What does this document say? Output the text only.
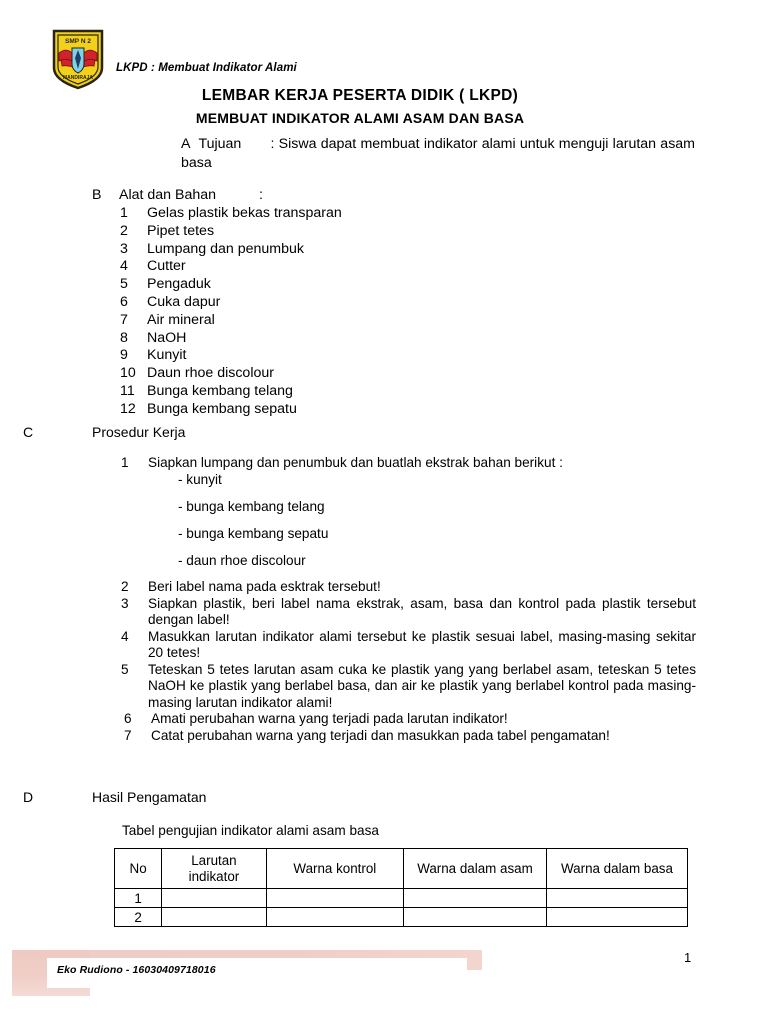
SMP N 2
MANDIRAJA
LKPD : Membuat Indikator Alami
LEMBAR KERJA PESERTA DIDIK ( LKPD)
MEMBUAT INDIKATOR ALAMI ASAM DAN BASA
A Tujuan : Siswa dapat membuat indikator alami untuk menguji larutan asam basa
B Alat dan Bahan	:
1 Gelas plastik bekas transparan
2 Pipet tetes
3 Lumpang dan penumbuk
4 Cutter
5 Pengaduk
6 Cuka dapur
7 Air mineral
8 NaOH
9 Kunyit
10 Daun rhoe discolour
11 Bunga kembang telang
12 Bunga kembang sepatu
C	Prosedur Kerja
1	Siapkan lumpang dan penumbuk dan buatlah ekstrak bahan berikut :
- kunyit
- bunga kembang telang
- bunga kembang sepatu
- daun rhoe discolour
2	Beri label nama pada esktrak tersebut!
3	Siapkan plastik, beri label nama ekstrak, asam, basa dan kontrol pada plastik tersebut dengan label!
4	Masukkan larutan indikator alami tersebut ke plastik sesuai label, masing-masing sekitar 20 tetes!
5	Teteskan 5 tetes larutan asam cuka ke plastik yang yang berlabel asam, teteskan 5 tetes NaOH ke plastik yang berlabel basa, dan air ke plastik yang berlabel kontrol pada masing-masing larutan indikator alami!
6	Amati perubahan warna yang terjadi pada larutan indikator!
7	Catat perubahan warna yang terjadi dan masukkan pada tabel pengamatan!
D	Hasil Pengamatan
Tabel pengujian indikator alami asam basa
No	Larutan indikator	Warna kontrol	Warna dalam asam	Warna dalam basa
1				
2				
Eko Rudiono - 16030409718016
1
